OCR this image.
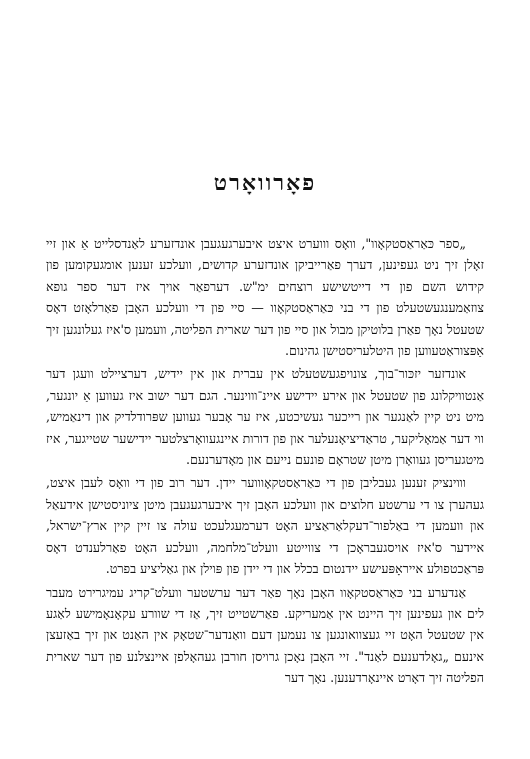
פאָרוואָרט

„ספר כּאַראַסטקאָוו", וואָס וווערט איצט איבערגעגעבן אונדזערע לאַנדסלייט אַ און זיי זאָלן זיך ניט געפינען, דערך פאַרייביקן אונדזערע קדושים, וועלכע זענען אומגעקומען פון קידוש השם פון די דייטשישע רוצחים ימ"ש. דערפאַר אויך איז דער ספר גופא צוזאַמענגעשטעלט פון די בני כּאַראַסטקאָוו — סיי פון די וועלכע האָבן פאַרלאָזט דאָס שטעטל נאָך פאַרן בלוטיקן מבול און סיי פון דער שארית הפליטה, וועמען ס'איז געלונגען זיך אַפּצוראַטעווען פון היטלעריסטישן גהינום.

אונדזער יזכּור־בוך, צונויפגעשטעלט אין עברית און אין יידיש, דערציילט וועגן דער אַנטוויקלונג פון שטעטל און אירע יידישע איינ־וווינער. הגם דער ישוב איז געווען אַ יונגער, מיט ניט קיין לאַנגער און רייכער געשיכטע, איז ער אָבער געווען שפּרודלדיק און דינאַמיש, ווי דער אַמאָליקער, טראַדיציאָנעלער און פון דורות איינגעוואָרצלטער יידישער שטייגער, איז מיטגעריסן געוואָרן מיטן שטראָם פונעם נייעם און מאָדערנעם.

וווינציק זענען געבליבן פון די כּאַראַסטקאָוווער יידן. דער רוב פון די וואָס לעבן איצט, געהערן צו די ערשטע חלוצים און וועלכע האָבן זיך איבערגעגעבן מיטן ציוניסטישן אידעאַל און וועמען די באַלפור־דעקלאַראַציע האָט דערמעגלעכט עולה צו זיין קיין ארץ־ישראל, איידער ס'איז אויסגעבראָכן די צווייטע וועלט־מלחמה, וועלכע האָט פאַרלענדט דאָס פּראַכטפולע אייראָפּעישע יידנטום בכלל און די יידן פון פּוילן און גאַליציע בפרט.

אַנדערע בני כּאַראַסטקאָוו האָבן נאָך פאַר דער ערשטער וועלט־קריג עמיגרירט מעבר לים און געפינען זיך היינט אין אַמעריקע. פאַרשטייט זיך, אַז די שוורע עקאָנאָמישע לאַגע אין שטעטל האָט זיי געצוואונגען צו נעמען דעם וואַנדער־שטאָק אין האַנט און זיך באַזעצן אינעם „גאָלדענעם לאַנד". זיי האָבן נאָכן גרויסן חורבן געהאָלפן איינצלנע פון דער שארית הפליטה זיך דאָרט איינאָרדענען. נאָך דער
